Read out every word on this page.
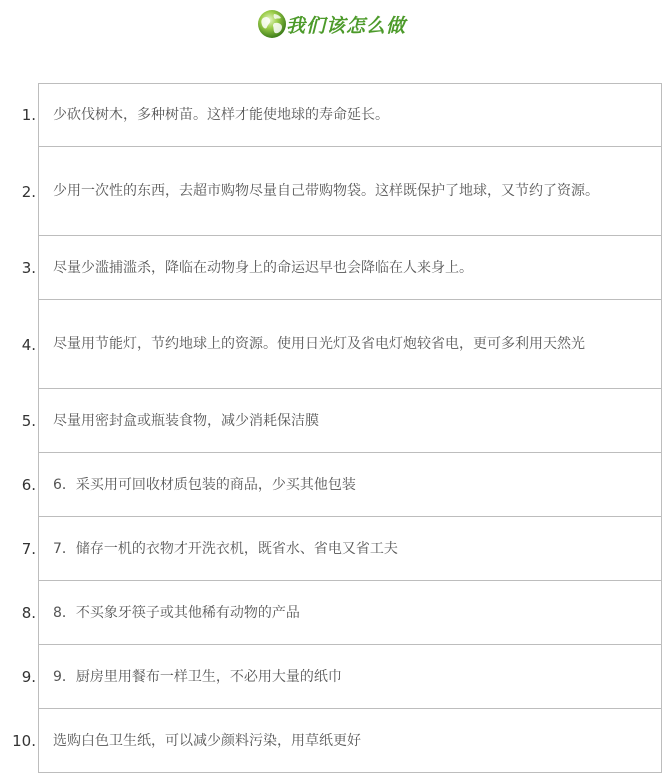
我们该怎么做
1.	少砍伐树木，多种树苗。这样才能使地球的寿命延长。
2.	少用一次性的东西，去超市购物尽量自己带购物袋。这样既保护了地球，又节约了资源。
3.	尽量少滥捕滥杀，降临在动物身上的命运迟早也会降临在人来身上。
4.	尽量用节能灯，节约地球上的资源。使用日光灯及省电灯炮较省电，更可多利用天然光
5.	尽量用密封盒或瓶装食物，减少消耗保洁膜
6.	6．采买用可回收材质包装的商品，少买其他包装
7.	7．储存一机的衣物才开洗衣机，既省水、省电又省工夫
8.	8．不买象牙筷子或其他稀有动物的产品
9.	9．厨房里用餐布一样卫生，不必用大量的纸巾
10.	选购白色卫生纸，可以减少颜料污染，用草纸更好
